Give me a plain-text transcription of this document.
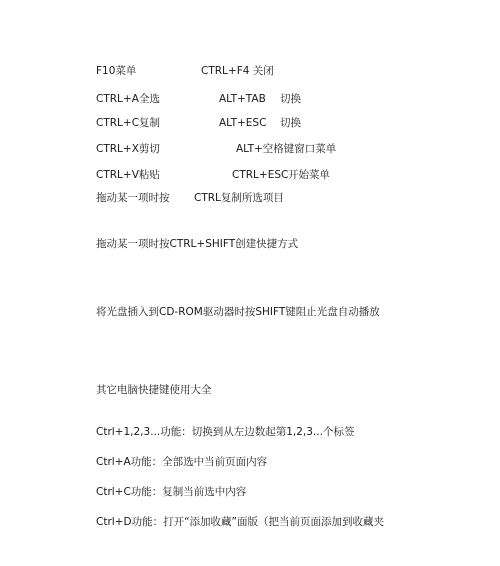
F10菜单	CTRL+F4 关闭
CTRL+A全选	ALT+TAB 切换
CTRL+C复制	ALT+ESC 切换
CTRL+X剪切	ALT+空格键窗口菜单
CTRL+V粘贴	CTRL+ESC 开始菜单
拖动某一项时按 CTRL复制所选项目
拖动某一项时按CTRL+SHIFT创建快捷方式
将光盘插入到CD-ROM驱动器时按SHIFT键阻止光盘自动播放
其它电脑快捷键使用大全
Ctrl+1,2,3...功能：切换到从左边数起第1,2,3...个标签
Ctrl+A功能：全部选中当前页面内容
Ctrl+C功能：复制当前选中内容
Ctrl+D功能：打开“添加收藏”面版（把当前页面添加到收藏夹
